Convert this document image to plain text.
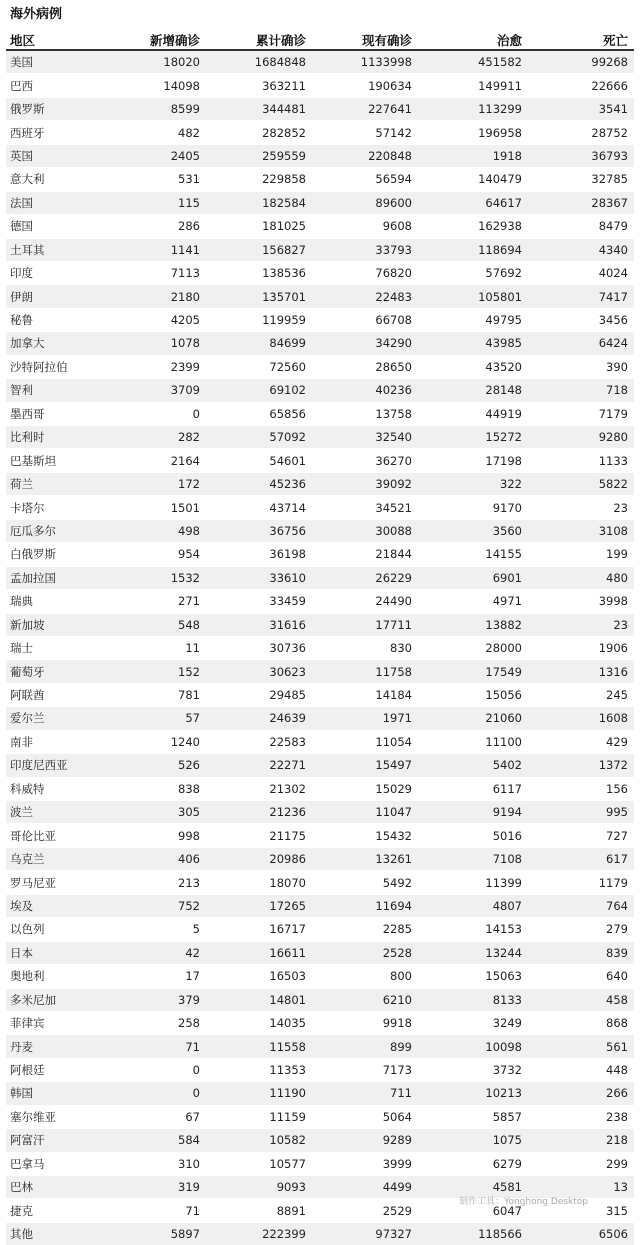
海外病例
地区	新增确诊	累计确诊	现有确诊	治愈	死亡
美国	18020	1684848	1133998	451582	99268
巴西	14098	363211	190634	149911	22666
俄罗斯	8599	344481	227641	113299	3541
西班牙	482	282852	57142	196958	28752
英国	2405	259559	220848	1918	36793
意大利	531	229858	56594	140479	32785
法国	115	182584	89600	64617	28367
德国	286	181025	9608	162938	8479
土耳其	1141	156827	33793	118694	4340
印度	7113	138536	76820	57692	4024
伊朗	2180	135701	22483	105801	7417
秘鲁	4205	119959	66708	49795	3456
加拿大	1078	84699	34290	43985	6424
沙特阿拉伯	2399	72560	28650	43520	390
智利	3709	69102	40236	28148	718
墨西哥	0	65856	13758	44919	7179
比利时	282	57092	32540	15272	9280
巴基斯坦	2164	54601	36270	17198	1133
荷兰	172	45236	39092	322	5822
卡塔尔	1501	43714	34521	9170	23
厄瓜多尔	498	36756	30088	3560	3108
白俄罗斯	954	36198	21844	14155	199
孟加拉国	1532	33610	26229	6901	480
瑞典	271	33459	24490	4971	3998
新加坡	548	31616	17711	13882	23
瑞士	11	30736	830	28000	1906
葡萄牙	152	30623	11758	17549	1316
阿联酋	781	29485	14184	15056	245
爱尔兰	57	24639	1971	21060	1608
南非	1240	22583	11054	11100	429
印度尼西亚	526	22271	15497	5402	1372
科威特	838	21302	15029	6117	156
波兰	305	21236	11047	9194	995
哥伦比亚	998	21175	15432	5016	727
乌克兰	406	20986	13261	7108	617
罗马尼亚	213	18070	5492	11399	1179
埃及	752	17265	11694	4807	764
以色列	5	16717	2285	14153	279
日本	42	16611	2528	13244	839
奥地利	17	16503	800	15063	640
多米尼加	379	14801	6210	8133	458
菲律宾	258	14035	9918	3249	868
丹麦	71	11558	899	10098	561
阿根廷	0	11353	7173	3732	448
韩国	0	11190	711	10213	266
塞尔维亚	67	11159	5064	5857	238
阿富汗	584	10582	9289	1075	218
巴拿马	310	10577	3999	6279	299
巴林	319	9093	4499	4581	13
捷克	71	8891	2529	6047	315
其他	5897	222399	97327	118566	6506
制作工具：Yonghong Desktop
